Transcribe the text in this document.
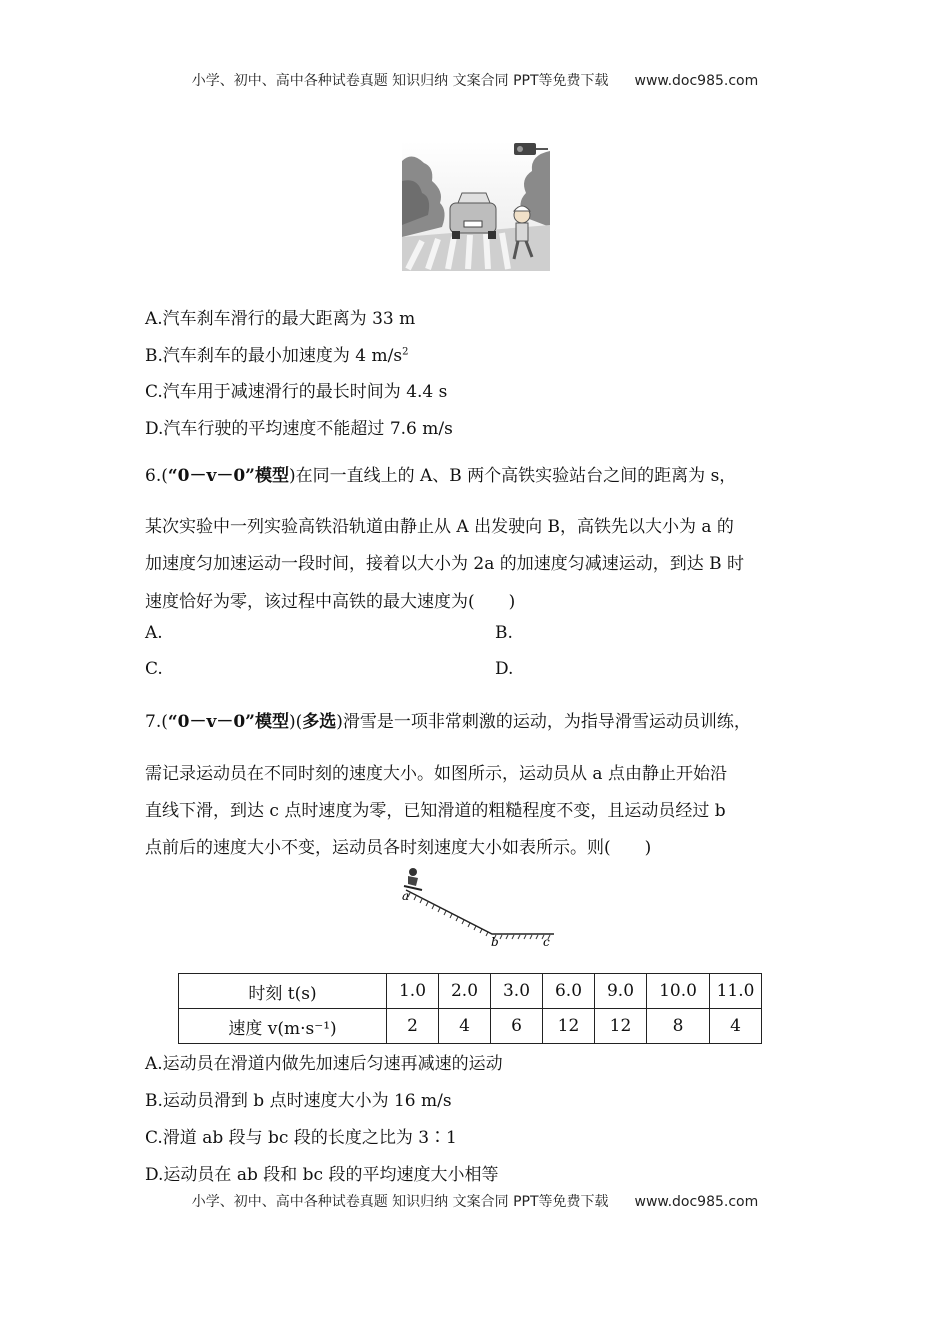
小学、初中、高中各种试卷真题 知识归纳 文案合同 PPT等免费下载 www.doc985.com
A.汽车刹车滑行的最大距离为 33 m
B.汽车刹车的最小加速度为 4 $m/s^2$
C.汽车用于减速滑行的最长时间为 4.4 s
D.汽车行驶的平均速度不能超过 7.6 m/s
6.(“0－v－0”模型)在同一直线上的 A、B 两个高铁实验站台之间的距离为 s，
某次实验中一列实验高铁沿轨道由静止从 A 出发驶向 B，高铁先以大小为 a 的
加速度匀加速运动一段时间，接着以大小为 2a 的加速度匀减速运动，到达 B 时
速度恰好为零，该过程中高铁的最大速度为(　　)
A.	B.
C.	D.
7.(“0－v－0”模型)(多选)滑雪是一项非常刺激的运动，为指导滑雪运动员训练，
需记录运动员在不同时刻的速度大小。如图所示，运动员从 a 点由静止开始沿
直线下滑，到达 c 点时速度为零，已知滑道的粗糙程度不变，且运动员经过 b
点前后的速度大小不变，运动员各时刻速度大小如表所示。则(　　)
a
b	c
时刻 t(s)	1.0	2.0	3.0	6.0	9.0	10.0	11.0
速度 v(m·s⁻¹)	2	4	6	12	12	8	4
A.运动员在滑道内做先加速后匀速再减速的运动
B.运动员滑到 b 点时速度大小为 16 m/s
C.滑道 ab 段与 bc 段的长度之比为 3∶1
D.运动员在 ab 段和 bc 段的平均速度大小相等
小学、初中、高中各种试卷真题 知识归纳 文案合同 PPT等免费下载 www.doc985.com
